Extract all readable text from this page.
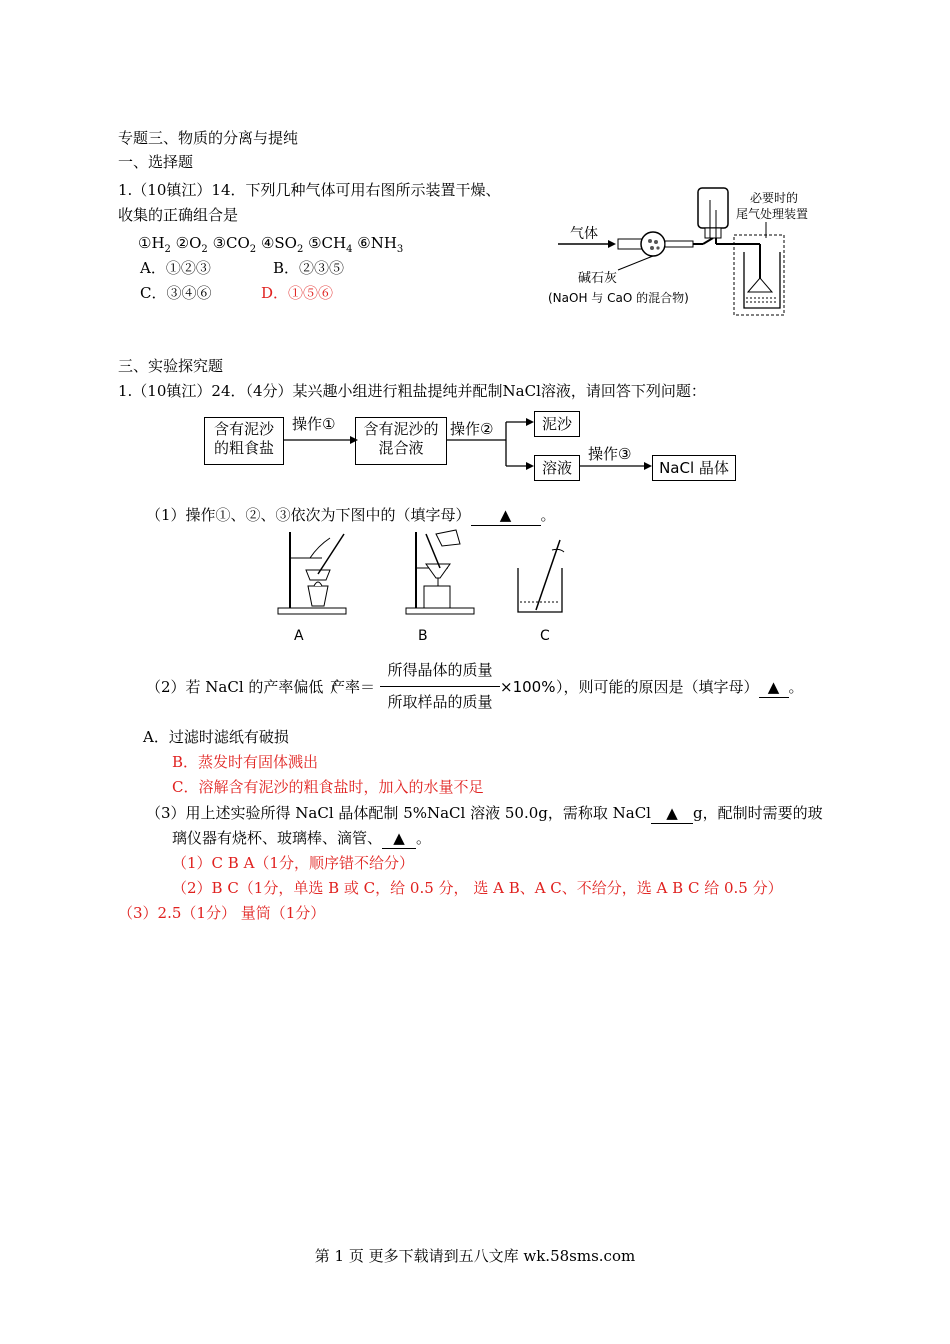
专题三、物质的分离与提纯
一、选择题
1.（10镇江）14．下列几种气体可用右图所示装置干燥、
收集的正确组合是
$①H_2$ $②O_2$ $③CO_2$ $④SO_2$ $⑤CH_4$ $⑥NH_3$
A．①②③	B．②③⑤
C．③④⑥	D．①⑤⑥
气体
必要时的
尾气处理装置
碱石灰
(NaOH 与 CaO 的混合物)
三、实验探究题
1.（10镇江）24．（4分）某兴趣小组进行粗盐提纯并配制NaCl溶液，请回答下列问题：
含有泥沙
的粗食盐
含有泥沙的
混合液
泥沙
溶液	NaCl 晶体
操作①	操作②
操作③
（1）操作①、②、③依次为下图中的（填字母） ▲ 。
A	B	C
（2）若 NaCl 的产率偏低（
产率＝
所得晶体的质量
所取样品的质量
×100% ），则可能的原因是（填字母） ▲ 。
A．过滤时滤纸有破损
B．蒸发时有固体溅出
C．溶解含有泥沙的粗食盐时，加入的水量不足
（3）用上述实验所得 NaCl 晶体配制 5%NaCl 溶液 50.0g，需称取 NaCl ▲ g，配制时需要的玻
璃仪器有烧杯、玻璃棒、滴管、 ▲ 。
（1）C B A（1分，顺序错不给分）
（2）B C（1分，单选 B 或 C，给 0.5 分， 选 A B、A C、不给分，选 A B C 给 0.5 分）
（3）2.5（1分） 量筒（1分）
第 1 页 更多下载请到五八文库 wk.58sms.com
